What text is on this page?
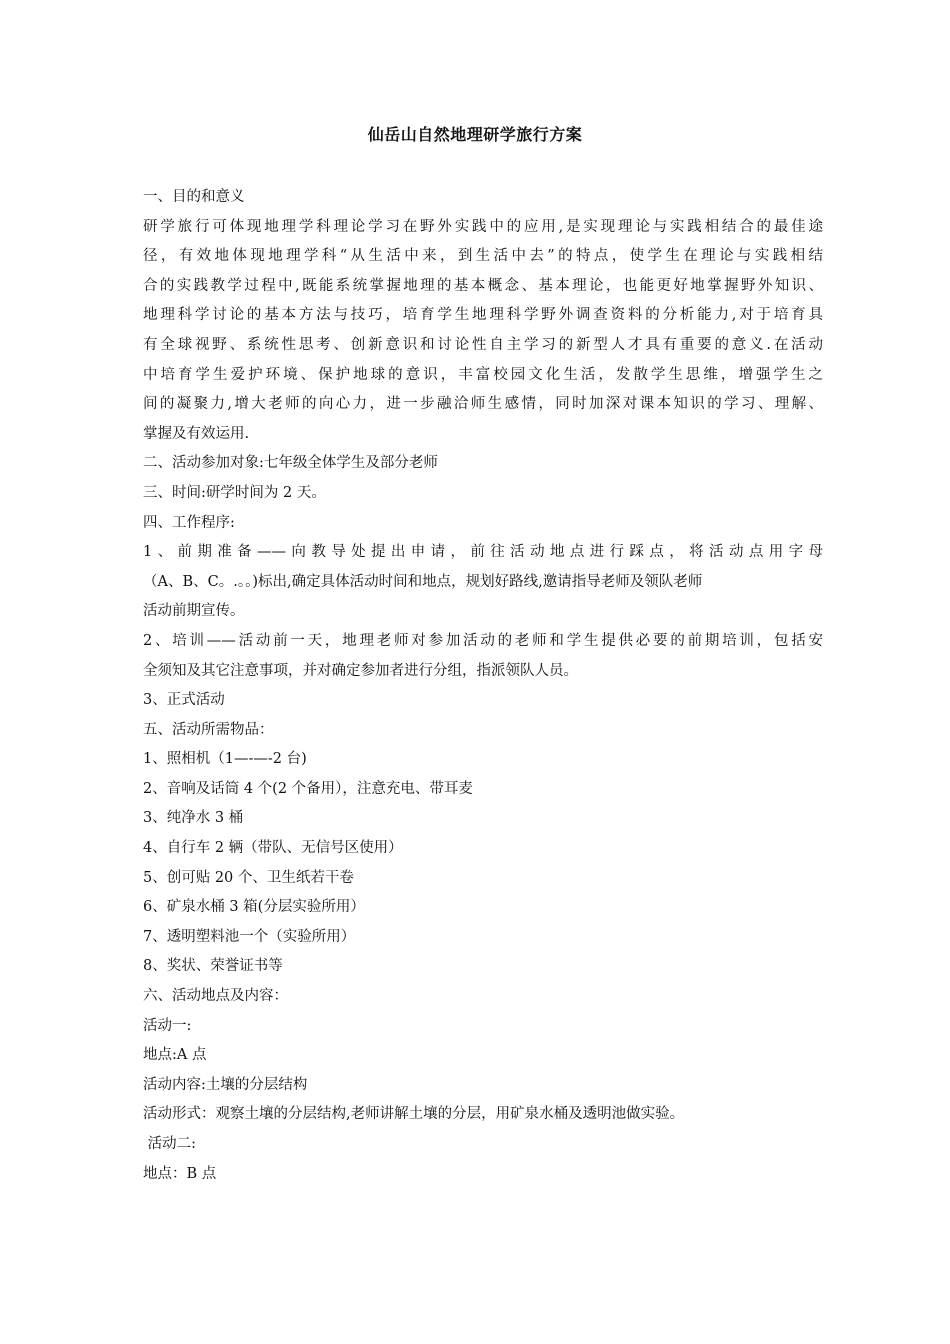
仙岳山自然地理研学旅行方案
一、目的和意义
研学旅行可体现地理学科理论学习在野外实践中的应用,是实现理论与实践相结合的最佳途
径，有效地体现地理学科“从生活中来，到生活中去”的特点，使学生在理论与实践相结
合的实践教学过程中,既能系统掌握地理的基本概念、基本理论，也能更好地掌握野外知识、
地理科学讨论的基本方法与技巧，培育学生地理科学野外调查资料的分析能力,对于培育具
有全球视野、系统性思考、创新意识和讨论性自主学习的新型人才具有重要的意义.在活动
中培育学生爱护环境、保护地球的意识，丰富校园文化生活，发散学生思维，增强学生之
间的凝聚力,增大老师的向心力，进一步融洽师生感情，同时加深对课本知识的学习、理解、
掌握及有效运用.
二、活动参加对象:七年级全体学生及部分老师
三、时间:研学时间为 2 天。
四、工作程序:
1、前期准备——向教导处提出申请，前往活动地点进行踩点，将活动点用字母
（A、B、C。.。。)标出,确定具体活动时间和地点，规划好路线,邀请指导老师及领队老师
活动前期宣传。
2、培训——活动前一天，地理老师对参加活动的老师和学生提供必要的前期培训，包括安
全须知及其它注意事项，并对确定参加者进行分组，指派领队人员。
3、正式活动
五、活动所需物品：
1、照相机（1—-—-2 台)
2、音响及话筒 4 个(2 个备用），注意充电、带耳麦
3、纯净水 3 桶
4、自行车 2 辆（带队、无信号区使用）
5、创可贴 20 个、卫生纸若干卷
6、矿泉水桶 3 箱(分层实验所用）
7、透明塑料池一个（实验所用）
8、奖状、荣誉证书等
六、活动地点及内容：
活动一:
地点:A 点
活动内容:土壤的分层结构
活动形式：观察土壤的分层结构,老师讲解土壤的分层，用矿泉水桶及透明池做实验。
活动二:
地点：B 点
